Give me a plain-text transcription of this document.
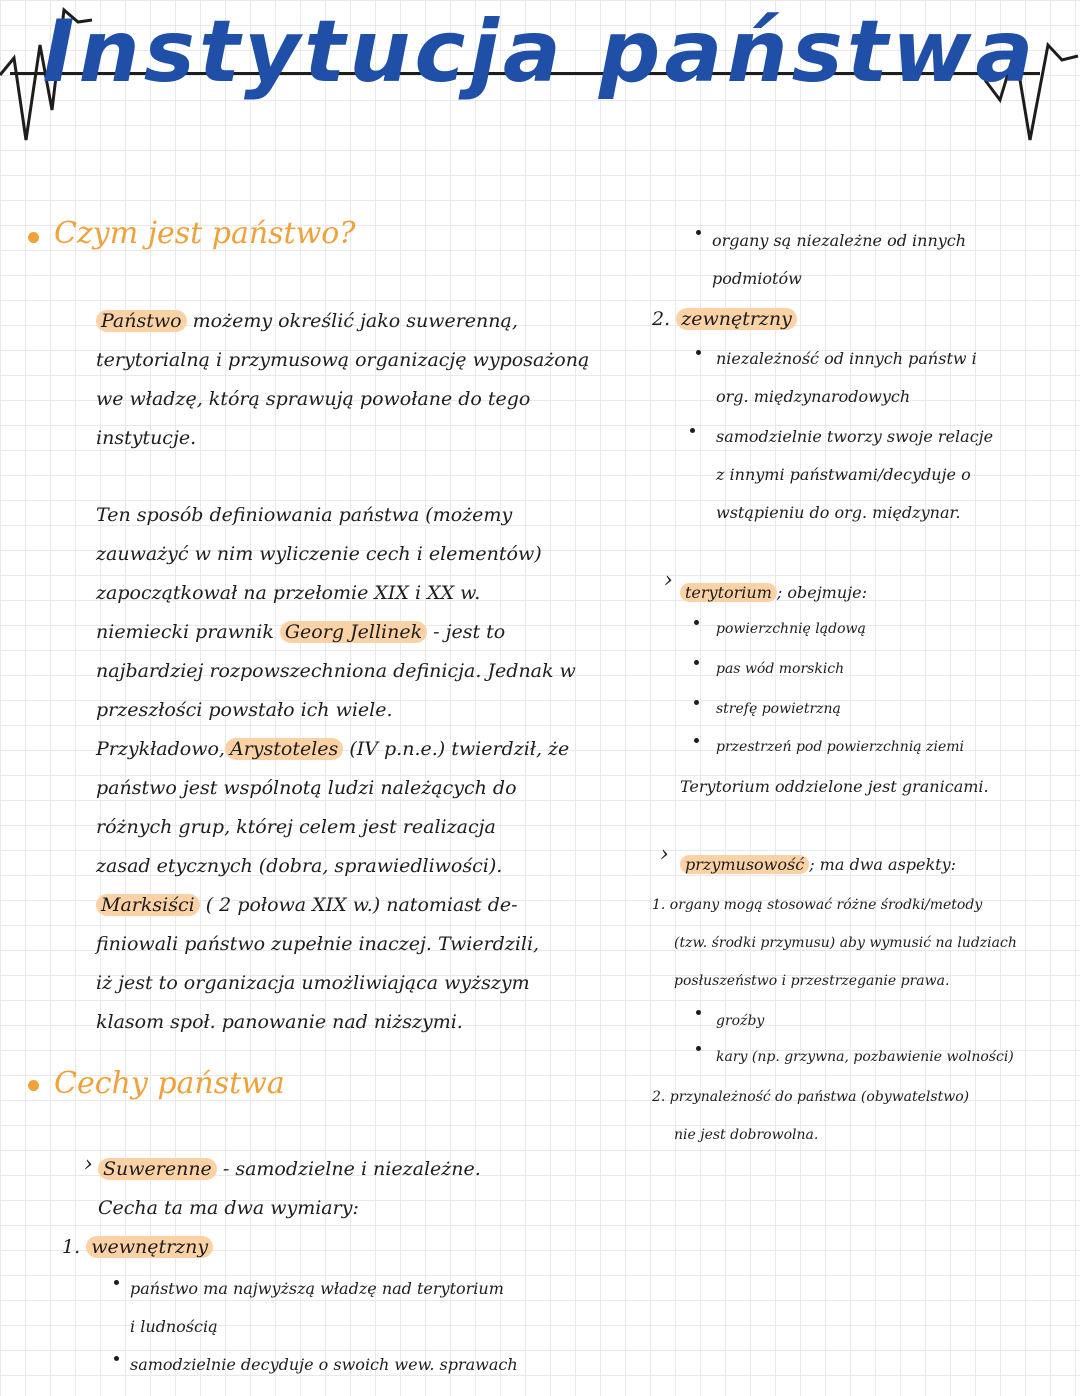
Instytucja państwa
Czym jest państwo?
Państwo możemy określić jako suwerenną,
terytorialną i przymusową organizację wyposażoną
we władzę, którą sprawują powołane do tego
instytucje.
Ten sposób definiowania państwa (możemy
zauważyć w nim wyliczenie cech i elementów)
zapoczątkował na przełomie XIX i XX w.
niemiecki prawnik Georg Jellinek - jest to
najbardziej rozpowszechniona definicja. Jednak w
przeszłości powstało ich wiele.
Przykładowo, Arystoteles (IV p.n.e.) twierdził, że
państwo jest wspólnotą ludzi należących do
różnych grup, której celem jest realizacja
zasad etycznych (dobra, sprawiedliwości).
Marksiści ( 2 połowa XIX w.) natomiast de-
finiowali państwo zupełnie inaczej. Twierdzili,
iż jest to organizacja umożliwiająca wyższym
klasom społ. panowanie nad niższymi.
Cechy państwa
› Suwerenne - samodzielne i niezależne.
Cecha ta ma dwa wymiary:
1. wewnętrzny
państwo ma najwyższą władzę nad terytorium
i ludnością
samodzielnie decyduje o swoich wew. sprawach
organy są niezależne od innych
podmiotów
2. zewnętrzny
niezależność od innych państw i
org. międzynarodowych
samodzielnie tworzy swoje relacje
z innymi państwami/decyduje o
wstąpieniu do org. międzynar.
› terytorium ; obejmuje:
powierzchnię lądową
pas wód morskich
strefę powietrzną
przestrzeń pod powierzchnią ziemi
Terytorium oddzielone jest granicami.
›	przymusowość ; ma dwa aspekty:
1. organy mogą stosować różne środki/metody
(tzw. środki przymusu) aby wymusić na ludziach
posłuszeństwo i przestrzeganie prawa.
groźby
kary (np. grzywna, pozbawienie wolności)
2. przynależność do państwa (obywatelstwo)
nie jest dobrowolna.
